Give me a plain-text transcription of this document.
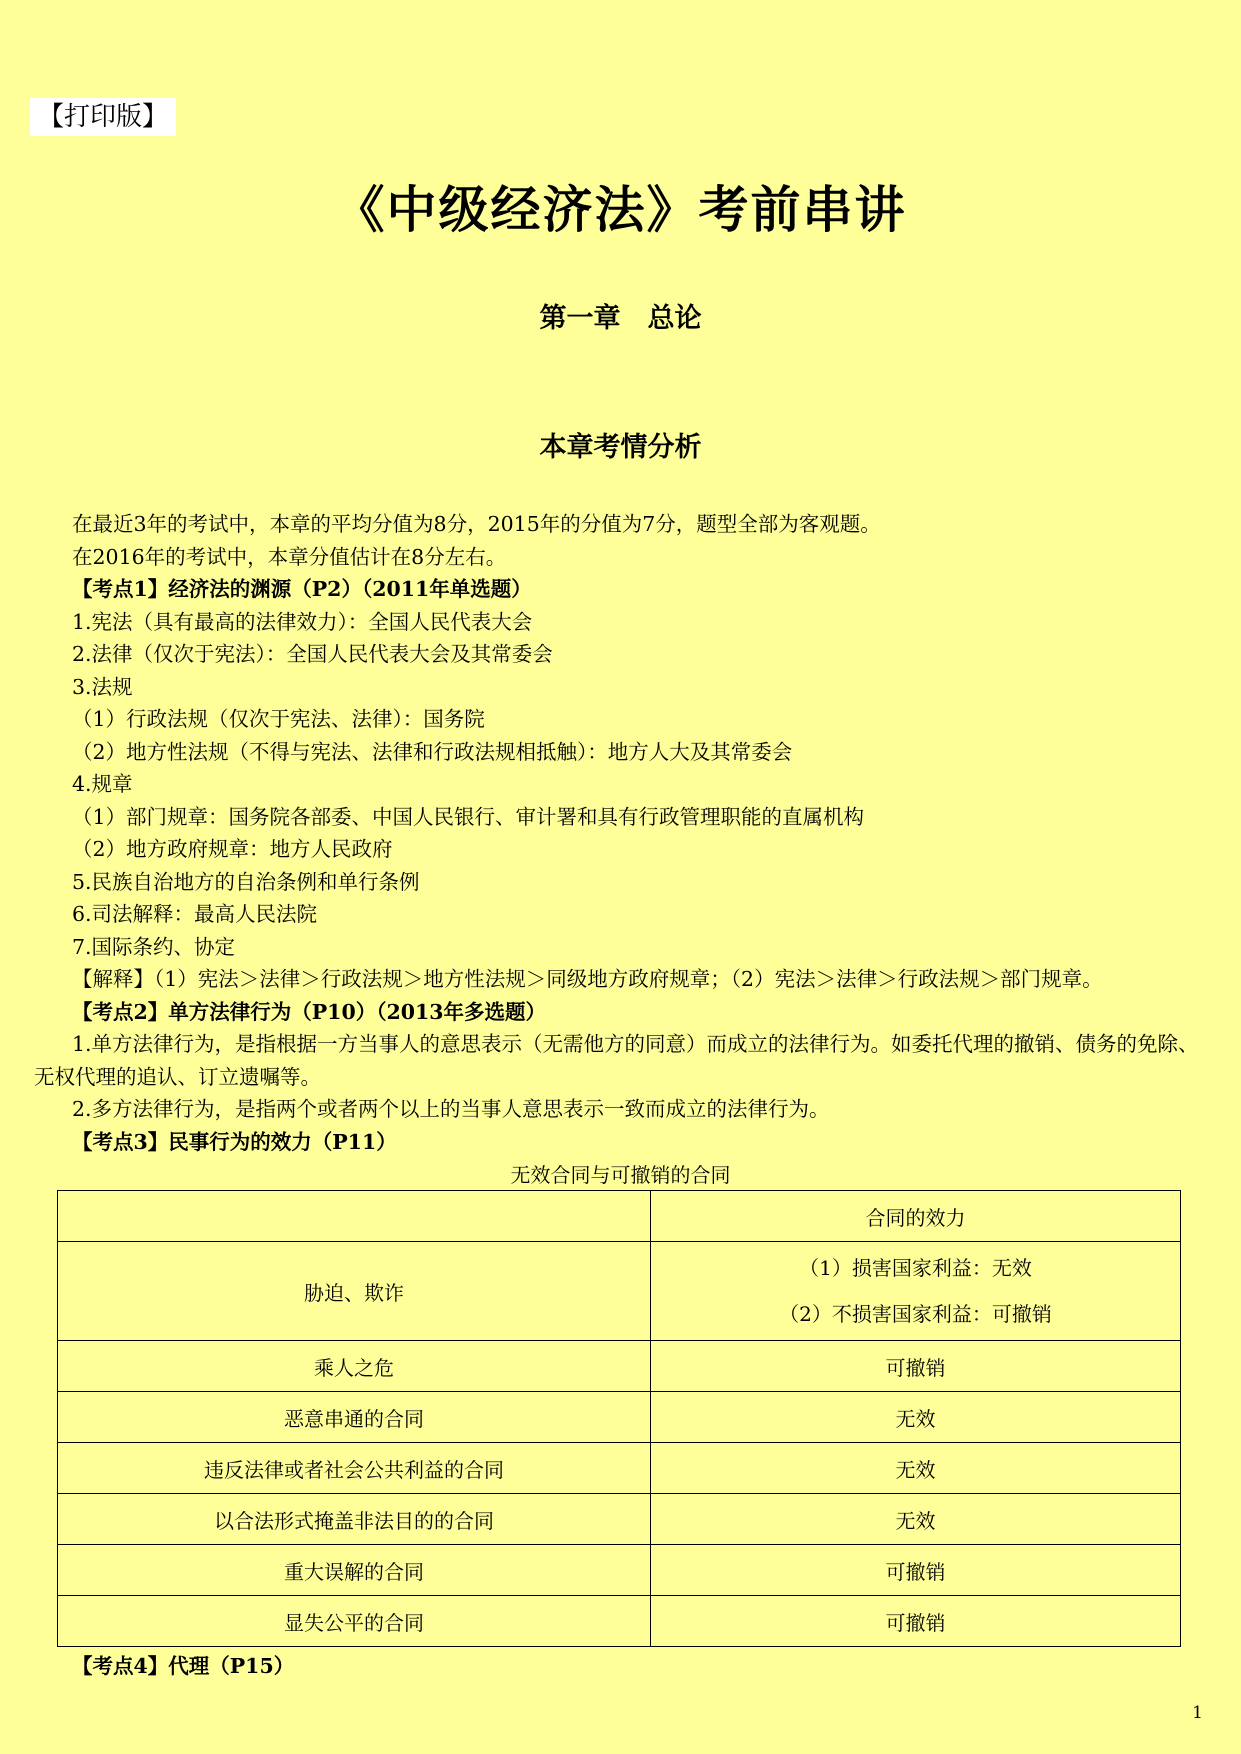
【打印版】
《中级经济法》考前串讲
第一章　总论
本章考情分析

在最近3年的考试中，本章的平均分值为8分，2015年的分值为7分，题型全部为客观题。

在2016年的考试中，本章分值估计在8分左右。

【考点1】经济法的渊源（P2）（2011年单选题）

1.宪法（具有最高的法律效力）：全国人民代表大会

2.法律（仅次于宪法）：全国人民代表大会及其常委会

3.法规

（1）行政法规（仅次于宪法、法律）：国务院

（2）地方性法规（不得与宪法、法律和行政法规相抵触）：地方人大及其常委会

4.规章

（1）部门规章：国务院各部委、中国人民银行、审计署和具有行政管理职能的直属机构

（2）地方政府规章：地方人民政府

5.民族自治地方的自治条例和单行条例

6.司法解释：最高人民法院

7.国际条约、协定

【解释】（1）宪法＞法律＞行政法规＞地方性法规＞同级地方政府规章；（2）宪法＞法律＞行政法规＞部门规章。

【考点2】单方法律行为（P10）（2013年多选题）

1.单方法律行为，是指根据一方当事人的意思表示（无需他方的同意）而成立的法律行为。如委托代理的撤销、债务的免除、无权代理的追认、订立遗嘱等。

2.多方法律行为，是指两个或者两个以上的当事人意思表示一致而成立的法律行为。

【考点3】民事行为的效力（P11）

无效合同与可撤销的合同
	合同的效力
胁迫、欺诈	（1）损害国家利益：无效
（2）不损害国家利益：可撤销

乘人之危	可撤销
恶意串通的合同	无效
违反法律或者社会公共利益的合同	无效
以合法形式掩盖非法目的的合同	无效
重大误解的合同	可撤销
显失公平的合同	可撤销
【考点4】代理（P15）
1
